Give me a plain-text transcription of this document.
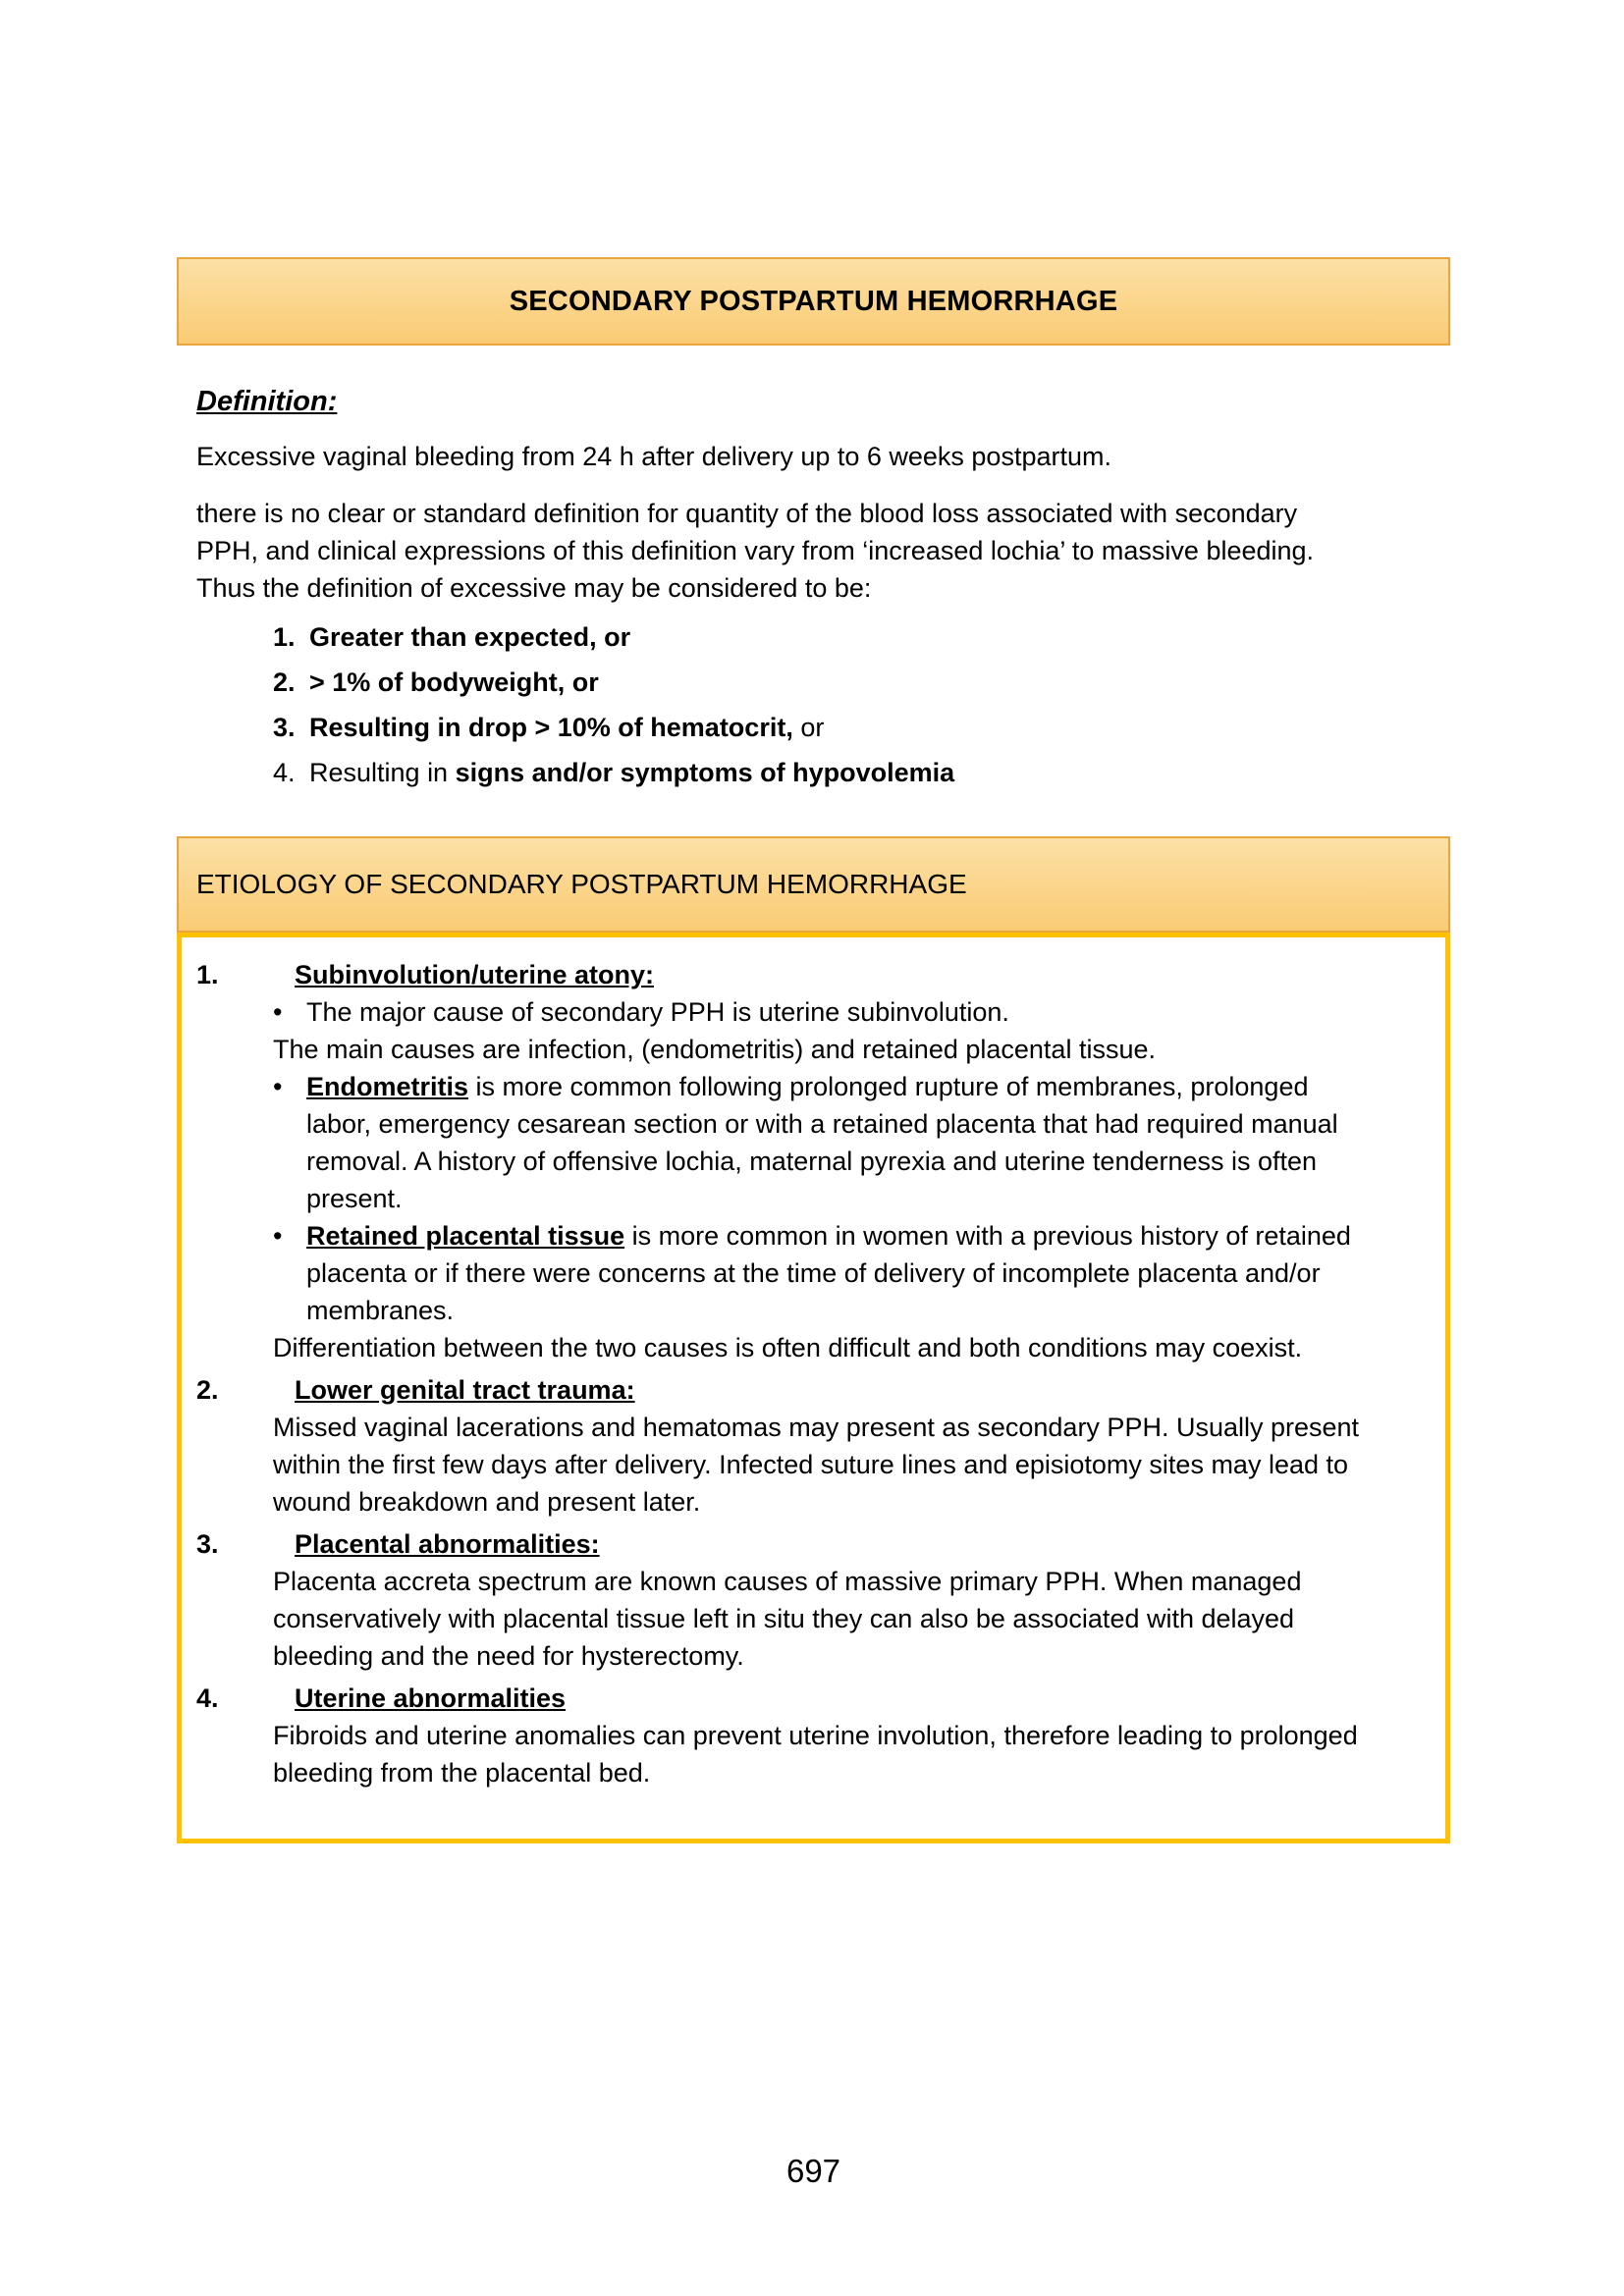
SECONDARY POSTPARTUM HEMORRHAGE
Definition:

Excessive vaginal bleeding from 24 h after delivery up to 6 weeks postpartum.

there is no clear or standard definition for quantity of the blood loss associated with secondary PPH, and clinical expressions of this definition vary from ‘increased lochia’ to massive bleeding. Thus the definition of excessive may be considered to be:

1. Greater than expected, or
2. > 1% of bodyweight, or
3. Resulting in drop > 10% of hematocrit, or
4. Resulting in signs and/or symptoms of hypovolemia
ETIOLOGY OF SECONDARY POSTPARTUM HEMORRHAGE
1.	Subinvolution/uterine atony:
• The major cause of secondary PPH is uterine subinvolution.
The main causes are infection, (endometritis) and retained placental tissue.
• Endometritis is more common following prolonged rupture of membranes, prolonged labor, emergency cesarean section or with a retained placenta that had required manual removal. A history of offensive lochia, maternal pyrexia and uterine tenderness is often present.
• Retained placental tissue is more common in women with a previous history of retained placenta or if there were concerns at the time of delivery of incomplete placenta and/or membranes.
Differentiation between the two causes is often difficult and both conditions may coexist.
2.	Lower genital tract trauma:
Missed vaginal lacerations and hematomas may present as secondary PPH. Usually present within the first few days after delivery. Infected suture lines and episiotomy sites may lead to wound breakdown and present later.
3.	Placental abnormalities:
Placenta accreta spectrum are known causes of massive primary PPH. When managed conservatively with placental tissue left in situ they can also be associated with delayed bleeding and the need for hysterectomy.
4.	Uterine abnormalities
Fibroids and uterine anomalies can prevent uterine involution, therefore leading to prolonged bleeding from the placental bed.
697
